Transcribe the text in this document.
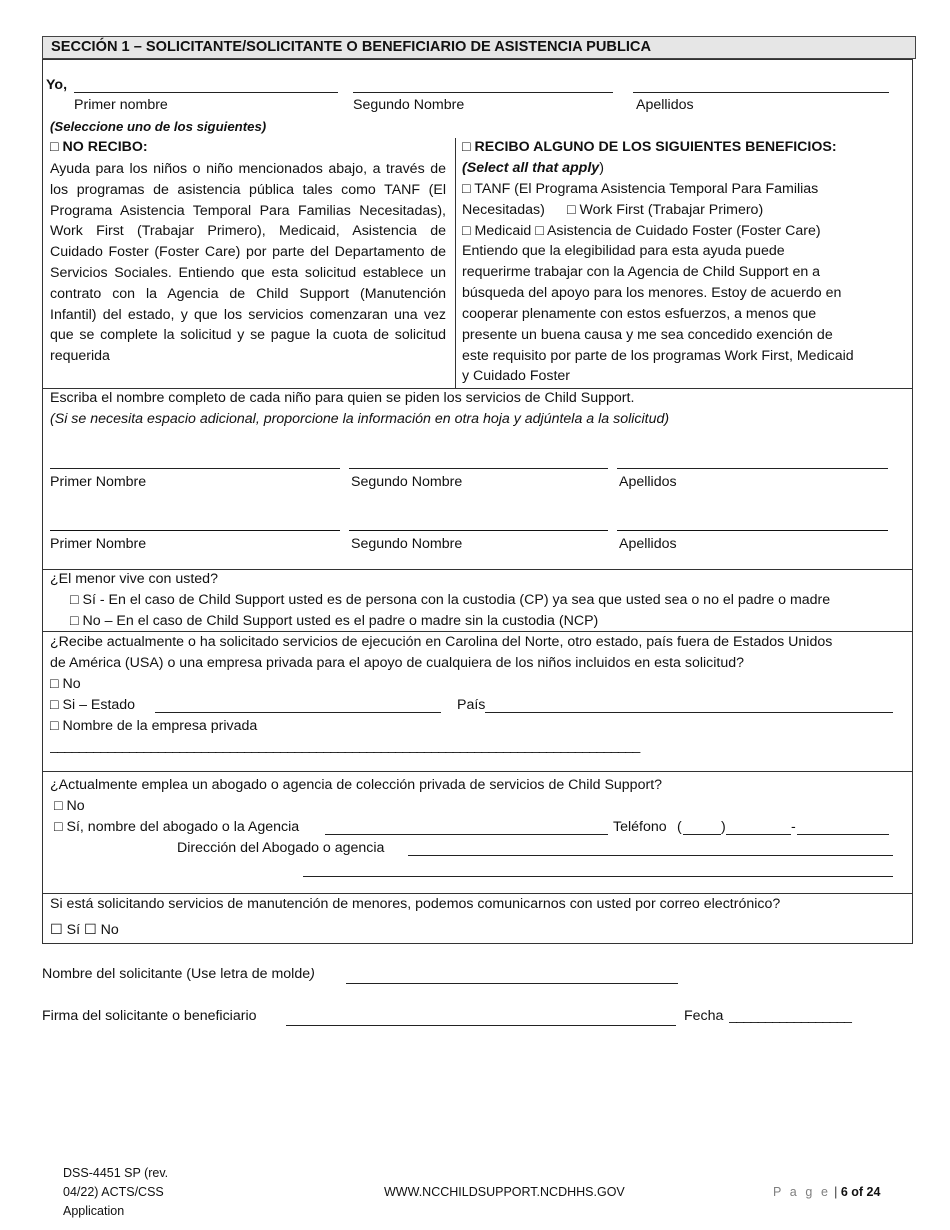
SECCIÓN 1 – SOLICITANTE/SOLICITANTE O BENEFICIARIO DE ASISTENCIA PUBLICA
Yo,
Primer nombre	Segundo Nombre	Apellidos
(Seleccione uno de los siguientes)
□ NO RECIBO:
Ayuda para los niños o niño mencionados abajo, a través de los programas de asistencia pública tales como TANF (El Programa Asistencia Temporal Para Familias Necesitadas), Work First (Trabajar Primero), Medicaid, Asistencia de Cuidado Foster (Foster Care) por parte del Departamento de Servicios Sociales. Entiendo que esta solicitud establece un contrato con la Agencia de Child Support (Manutención Infantil) del estado, y que los servicios comenzaran una vez que se complete la solicitud y se pague la cuota de solicitud requerida
□ RECIBO ALGUNO DE LOS SIGUIENTES BENEFICIOS:
(Select all that apply)
□ TANF (El Programa Asistencia Temporal Para Familias
Necesitadas) □ Work First (Trabajar Primero)
□ Medicaid □ Asistencia de Cuidado Foster (Foster Care)
Entiendo que la elegibilidad para esta ayuda puede
requerirme trabajar con la Agencia de Child Support en a
búsqueda del apoyo para los menores. Estoy de acuerdo en
cooperar plenamente con estos esfuerzos, a menos que
presente un buena causa y me sea concedido exención de
este requisito por parte de los programas Work First, Medicaid
y Cuidado Foster
Escriba el nombre completo de cada niño para quien se piden los servicios de Child Support.
(Si se necesita espacio adicional, proporcione la información en otra hoja y adjúntela a la solicitud)
Primer Nombre	Segundo Nombre	Apellidos
Primer Nombre	Segundo Nombre	Apellidos
¿El menor vive con usted?
□ Sí - En el caso de Child Support usted es de persona con la custodia (CP) ya sea que usted sea o no el padre o madre
□ No – En el caso de Child Support usted es el padre o madre sin la custodia (NCP)
¿Recibe actualmente o ha solicitado servicios de ejecución en Carolina del Norte, otro estado, país fuera de Estados Unidos
de América (USA) o una empresa privada para el apoyo de cualquiera de los niños incluidos en esta solicitud?
□ No
□ Si – Estado	País
□ Nombre de la empresa privada
__________________________________________________________________________________
¿Actualmente emplea un abogado o agencia de colección privada de servicios de Child Support?
□ No
□ Sí, nombre del abogado o la Agencia	Teléfono (	)	-
Dirección del Abogado o agencia
Si está solicitando servicios de manutención de menores, podemos comunicarnos con usted por correo electrónico?
☐ Sí ☐ No
Nombre del solicitante (Use letra de molde)
Firma del solicitante o beneficiario	Fecha _________________
DSS-4451 SP (rev.
04/22) ACTS/CSS
Application
WWW.NCCHILDSUPPORT.NCDHHS.GOV	P a g e | 6 of 24
